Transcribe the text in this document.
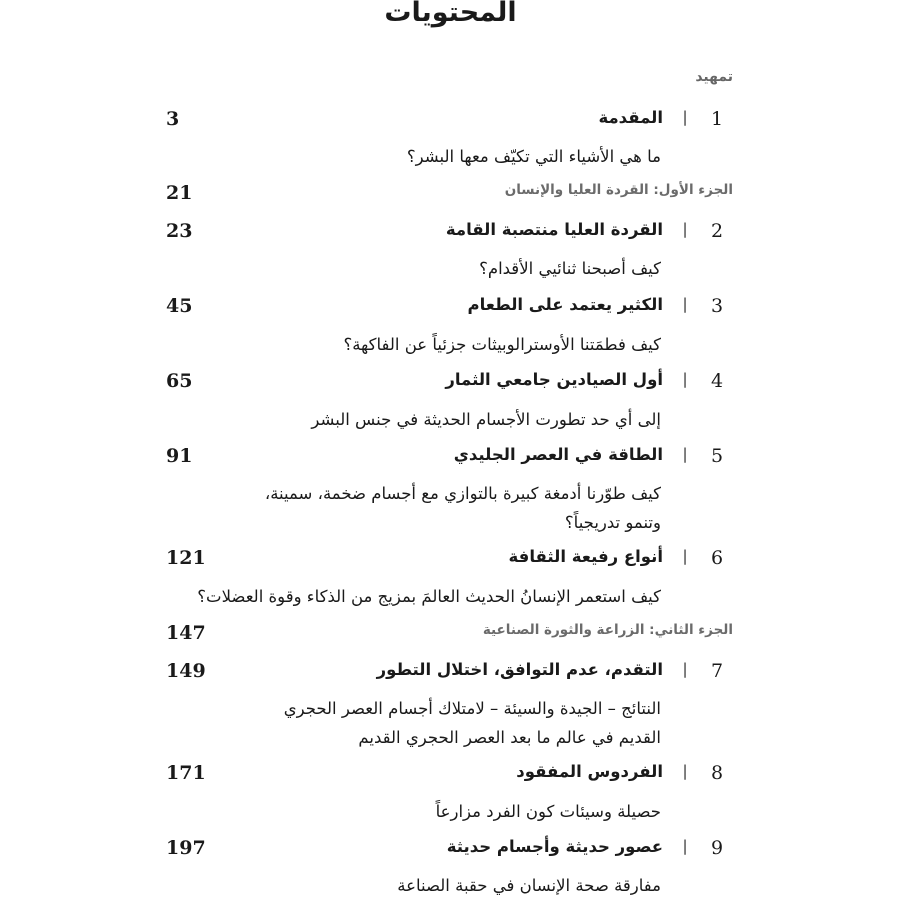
المحتويات
تمهيد
3	المقدمة |	1
ما هي الأشياء التي تكيّف معها البشر؟
21	الجزء الأول: القردة العليا والإنسان
23	القردة العليا منتصبة القامة |	2
كيف أصبحنا ثنائيي الأقدام؟
45	الكثير يعتمد على الطعام |	3
كيف فطمَتنا الأوسترالوبيثات جزئياً عن الفاكهة؟
65	أول الصيادين جامعي الثمار |	4
إلى أي حد تطورت الأجسام الحديثة في جنس البشر
91	الطاقة في العصر الجليدي |	5
كيف طوّرنا أدمغة كبيرة بالتوازي مع أجسام ضخمة، سمينة،
وتنمو تدريجياً؟
121	أنواع رفيعة الثقافة |	6
كيف استعمر الإنسانُ الحديث العالمَ بمزيج من الذكاء وقوة العضلات؟
147	الجزء الثاني: الزراعة والثورة الصناعية
149	التقدم، عدم التوافق، اختلال التطور |	7
النتائج – الجيدة والسيئة – لامتلاك أجسام العصر الحجري
القديم في عالم ما بعد العصر الحجري القديم
171	الفردوس المفقود |	8
حصيلة وسيئات كون الفرد مزارعاً
197	عصور حديثة وأجسام حديثة |	9
مفارقة صحة الإنسان في حقبة الصناعة
